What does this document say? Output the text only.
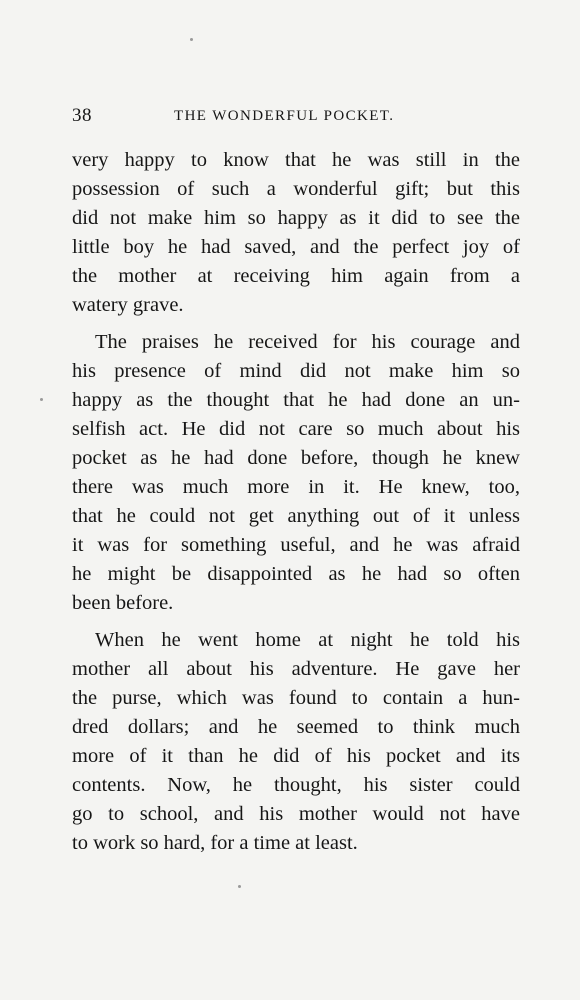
38	THE WONDERFUL POCKET.
very happy to know that he was still in the
possession of such a wonderful gift; but this
did not make him so happy as it did to see the
little boy he had saved, and the perfect joy of
the mother at receiving him again from a
watery grave.
The praises he received for his courage and
his presence of mind did not make him so
happy as the thought that he had done an un-
selfish act. He did not care so much about his
pocket as he had done before, though he knew
there was much more in it. He knew, too,
that he could not get anything out of it unless
it was for something useful, and he was afraid
he might be disappointed as he had so often
been before.
When he went home at night he told his
mother all about his adventure. He gave her
the purse, which was found to contain a hun-
dred dollars; and he seemed to think much
more of it than he did of his pocket and its
contents. Now, he thought, his sister could
go to school, and his mother would not have
to work so hard, for a time at least.
